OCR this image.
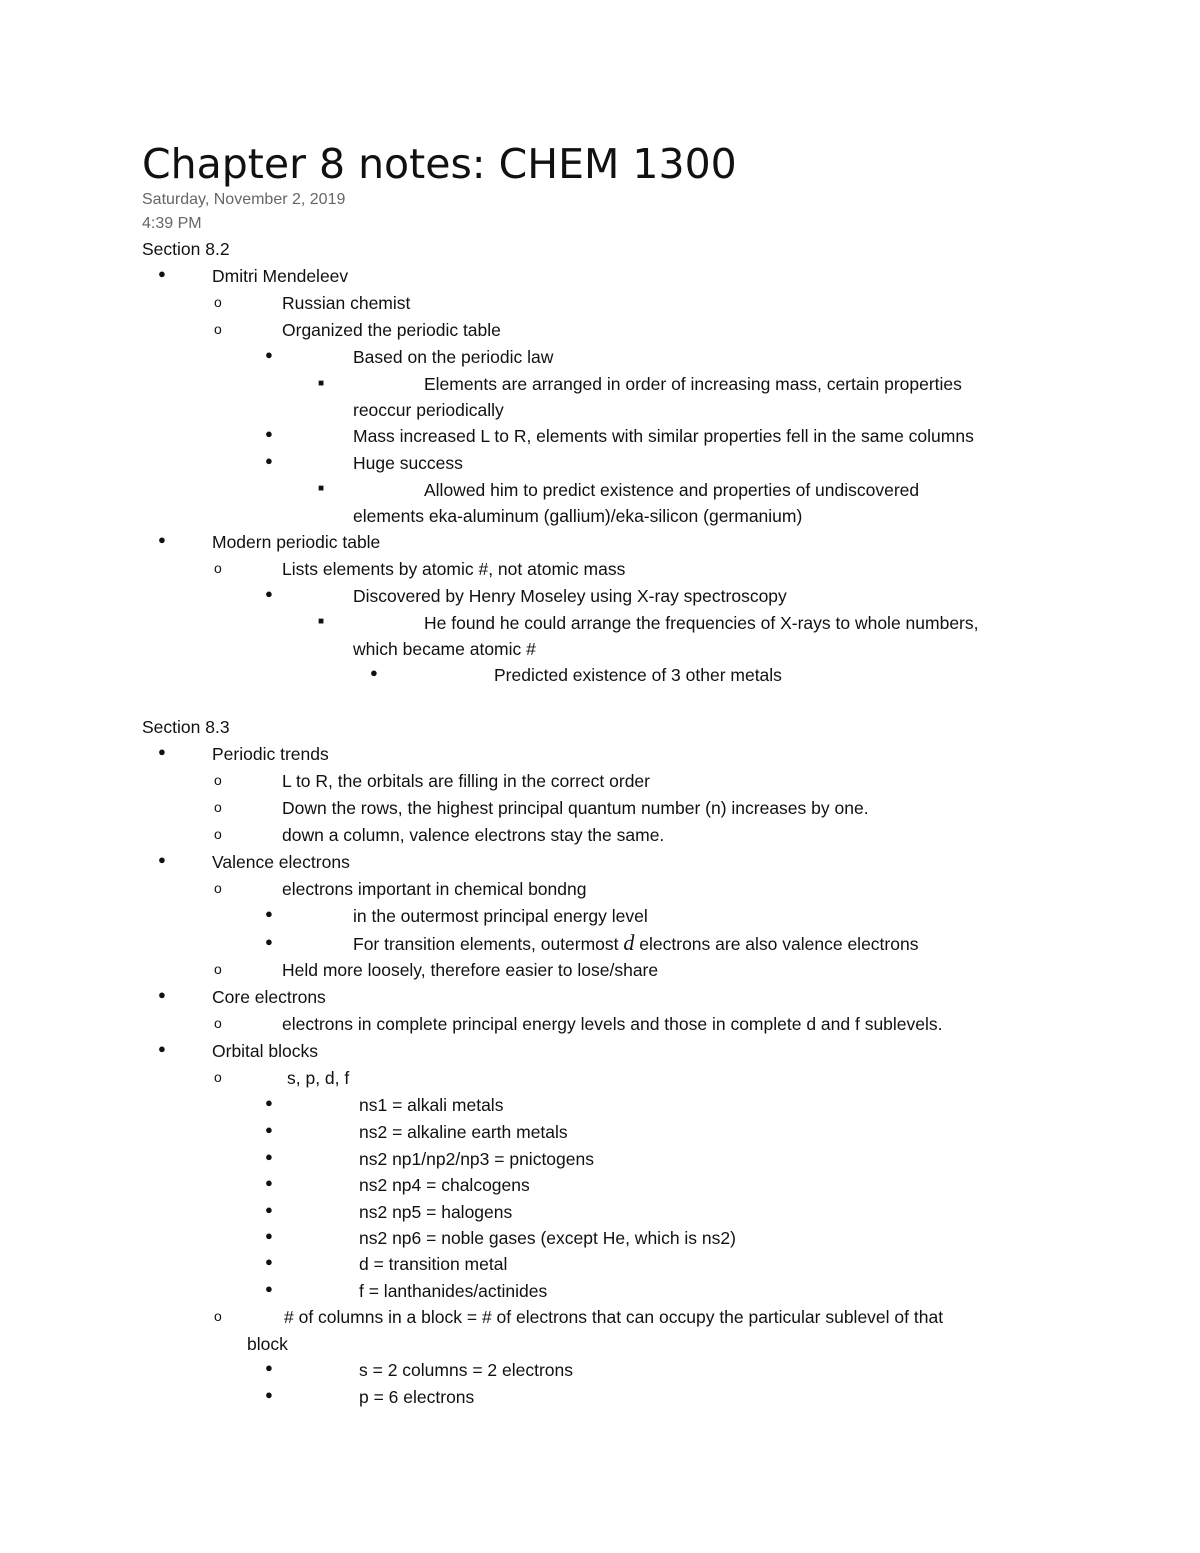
Chapter 8 notes: CHEM 1300
Saturday, November 2, 2019
4:39 PM
Section 8.2
●	Dmitri Mendeleev
o	Russian chemist
o	Organized the periodic table
●	Based on the periodic law
■	Elements are arranged in order of increasing mass, certain properties
reoccur periodically
●	Mass increased L to R, elements with similar properties fell in the same columns
●	Huge success
■	Allowed him to predict existence and properties of undiscovered
elements eka-aluminum (gallium)/eka-silicon (germanium)
●	Modern periodic table
o	Lists elements by atomic #, not atomic mass
●	Discovered by Henry Moseley using X-ray spectroscopy
■	He found he could arrange the frequencies of X-rays to whole numbers,
which became atomic #
●	Predicted existence of 3 other metals
Section 8.3
●	Periodic trends
o	L to R, the orbitals are filling in the correct order
o	Down the rows, the highest principal quantum number (n) increases by one.
o	down a column, valence electrons stay the same.
●	Valence electrons
o	electrons important in chemical bondng
●	in the outermost principal energy level
●	For transition elements, outermost d electrons are also valence electrons
o	Held more loosely, therefore easier to lose/share
●	Core electrons
o	electrons in complete principal energy levels and those in complete d and f sublevels.
●	Orbital blocks
o	s, p, d, f
●	ns1 = alkali metals
●	ns2 = alkaline earth metals
●	ns2 np1/np2/np3 = pnictogens
●	ns2 np4 = chalcogens
●	ns2 np5 = halogens
●	ns2 np6 = noble gases (except He, which is ns2)
●	d = transition metal
●	f = lanthanides/actinides
o	# of columns in a block = # of electrons that can occupy the particular sublevel of that
block
●	s = 2 columns = 2 electrons
●	p = 6 electrons
